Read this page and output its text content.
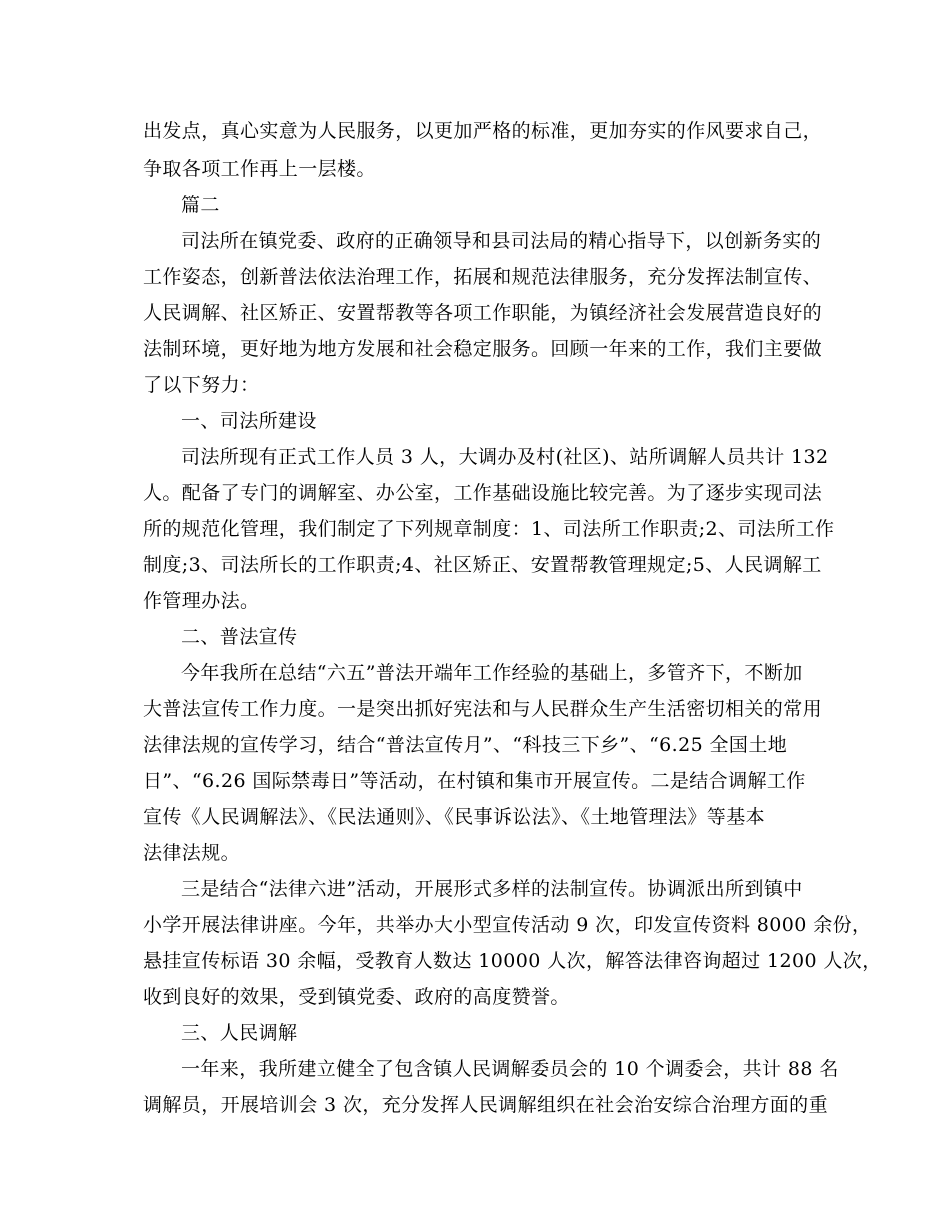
出发点，真心实意为人民服务，以更加严格的标准，更加夯实的作风要求自己，
争取各项工作再上一层楼。
篇二
司法所在镇党委、政府的正确领导和县司法局的精心指导下，以创新务实的
工作姿态，创新普法依法治理工作，拓展和规范法律服务，充分发挥法制宣传、
人民调解、社区矫正、安置帮教等各项工作职能，为镇经济社会发展营造良好的
法制环境，更好地为地方发展和社会稳定服务。回顾一年来的工作，我们主要做
了以下努力：
一、司法所建设
司法所现有正式工作人员 3 人，大调办及村(社区)、站所调解人员共计 132
人。配备了专门的调解室、办公室，工作基础设施比较完善。为了逐步实现司法
所的规范化管理，我们制定了下列规章制度：1、司法所工作职责;2、司法所工作
制度;3、司法所长的工作职责;4、社区矫正、安置帮教管理规定;5、人民调解工
作管理办法。
二、普法宣传
今年我所在总结“六五”普法开端年工作经验的基础上，多管齐下，不断加
大普法宣传工作力度。一是突出抓好宪法和与人民群众生产生活密切相关的常用
法律法规的宣传学习，结合“普法宣传月”、“科技三下乡”、“6.25 全国土地
日”、“6.26 国际禁毒日”等活动，在村镇和集市开展宣传。二是结合调解工作
宣传《人民调解法》、《民法通则》、《民事诉讼法》、《土地管理法》等基本
法律法规。
三是结合“法律六进”活动，开展形式多样的法制宣传。协调派出所到镇中
小学开展法律讲座。今年，共举办大小型宣传活动 9 次，印发宣传资料 8000 余份，
悬挂宣传标语 30 余幅，受教育人数达 10000 人次，解答法律咨询超过 1200 人次，
收到良好的效果，受到镇党委、政府的高度赞誉。
三、人民调解
一年来，我所建立健全了包含镇人民调解委员会的 10 个调委会，共计 88 名
调解员，开展培训会 3 次，充分发挥人民调解组织在社会治安综合治理方面的重
